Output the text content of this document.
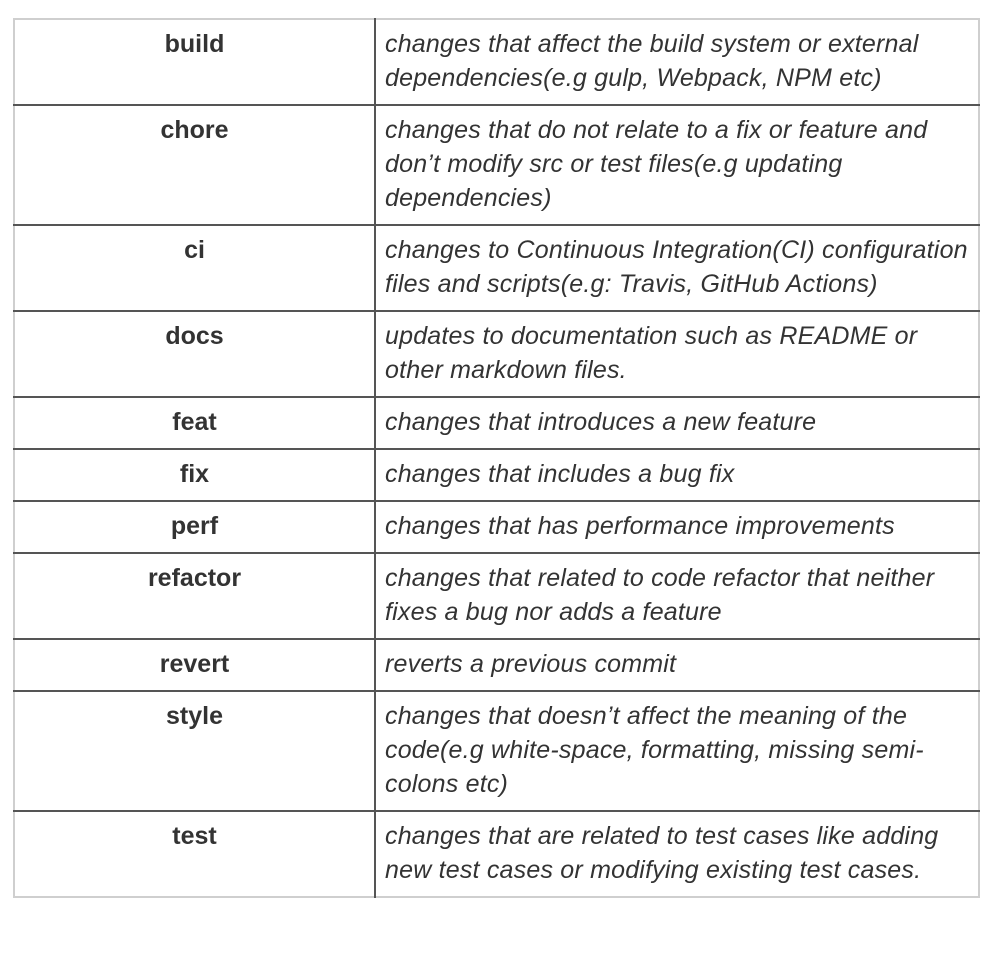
build	changes that affect the build system or external dependencies(e.g gulp, Webpack, NPM etc)
chore	changes that do not relate to a fix or feature and don’t modify src or test files(e.g updating dependencies)
ci	changes to Continuous Integration(CI) configuration files and scripts(e.g: Travis, GitHub Actions)
docs	updates to documentation such as README or other markdown files.
feat	changes that introduces a new feature
fix	changes that includes a bug fix
perf	changes that has performance improvements
refactor	changes that related to code refactor that neither fixes a bug nor adds a feature
revert	reverts a previous commit
style	changes that doesn’t affect the meaning of the code(e.g white-space, formatting, missing semi-colons etc)
test	changes that are related to test cases like adding new test cases or modifying existing test cases.
